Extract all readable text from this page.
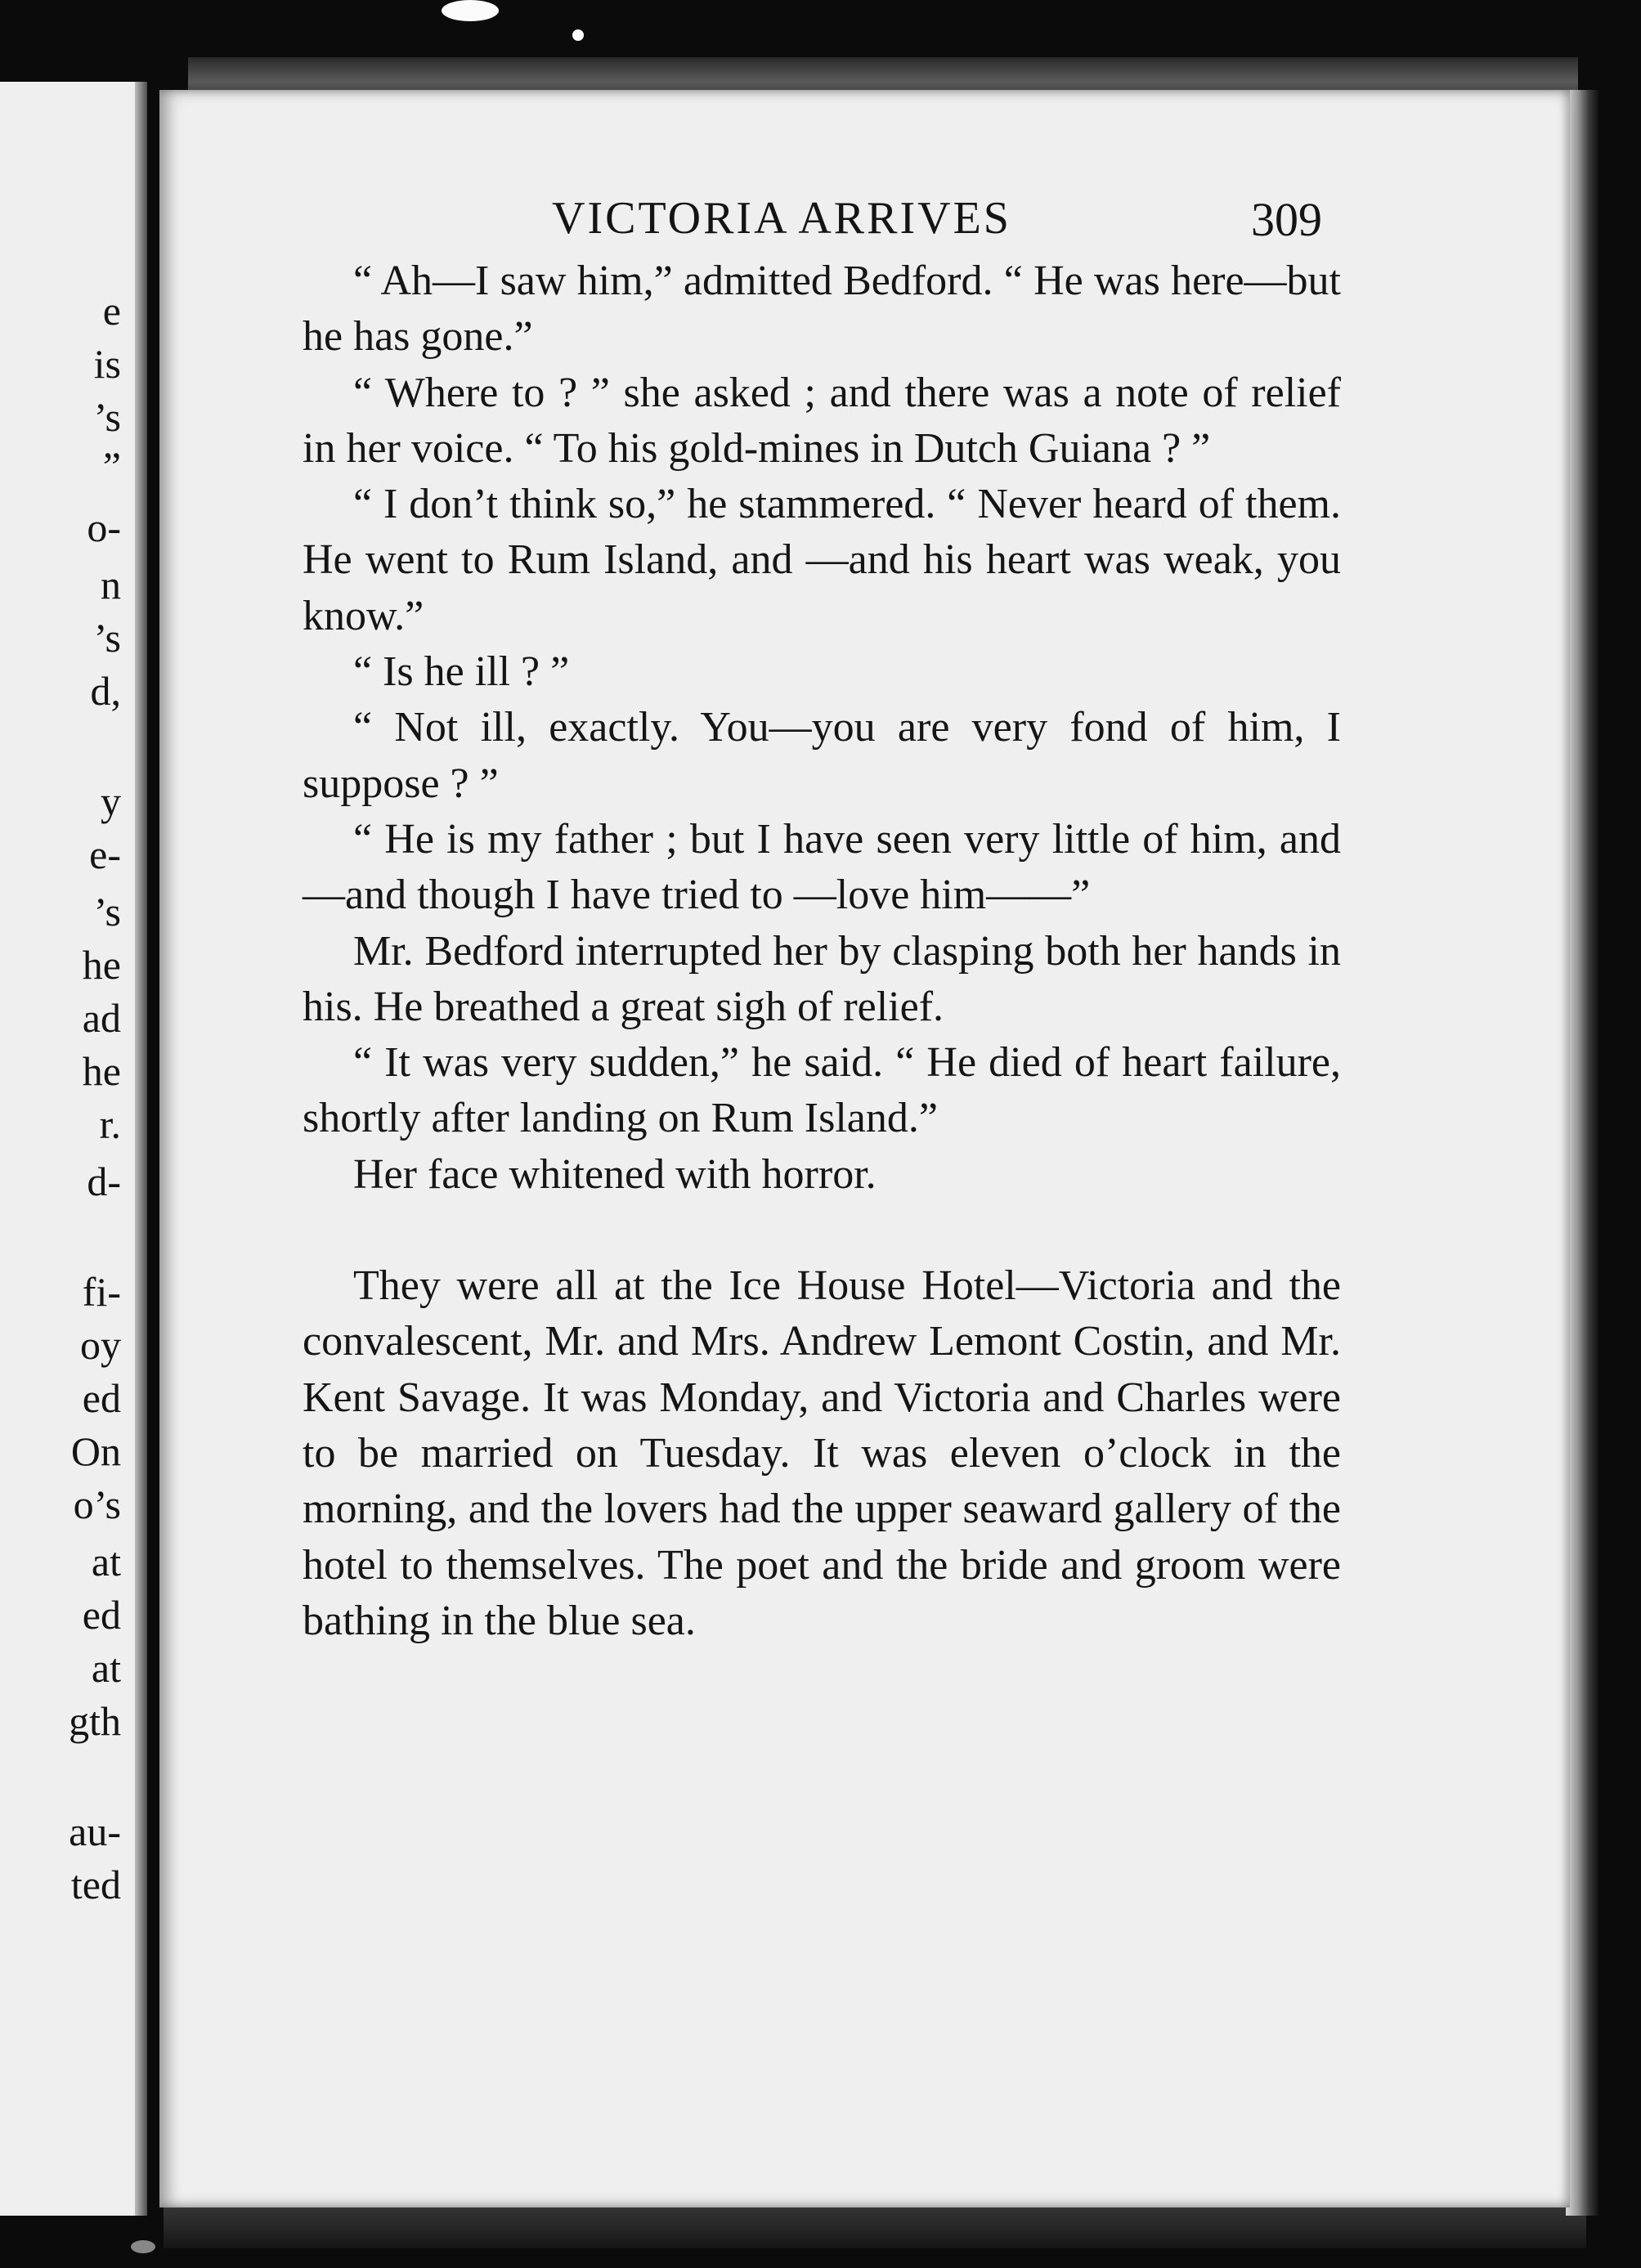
e
is
’s
”
o-
n
’s
d,
y
e-
’s
he
ad
he
r.
d-
fi-
oy
ed
On
o’s
at
ed
at
gth
au-
ted
VICTORIA ARRIVES	309

“ Ah—I saw him,” admitted Bedford. “ He was here—but he has gone.”

“ Where to ? ” she asked ; and there was a note of relief in her voice. “ To his gold-mines in Dutch Guiana ? ”

“ I don’t think so,” he stammered. “ Never heard of them. He went to Rum Island, and —and his heart was weak, you know.”

“ Is he ill ? ”

“ Not ill, exactly. You—you are very fond of him, I suppose ? ”

“ He is my father ; but I have seen very little of him, and—and though I have tried to —love him——”

Mr. Bedford interrupted her by clasping both her hands in his. He breathed a great sigh of relief.

“ It was very sudden,” he said. “ He died of heart failure, shortly after landing on Rum Island.”

Her face whitened with horror.

They were all at the Ice House Hotel—Victoria and the convalescent, Mr. and Mrs. Andrew Lemont Costin, and Mr. Kent Savage. It was Monday, and Victoria and Charles were to be married on Tuesday. It was eleven o’clock in the morning, and the lovers had the upper seaward gallery of the hotel to themselves. The poet and the bride and groom were bathing in the blue sea.
